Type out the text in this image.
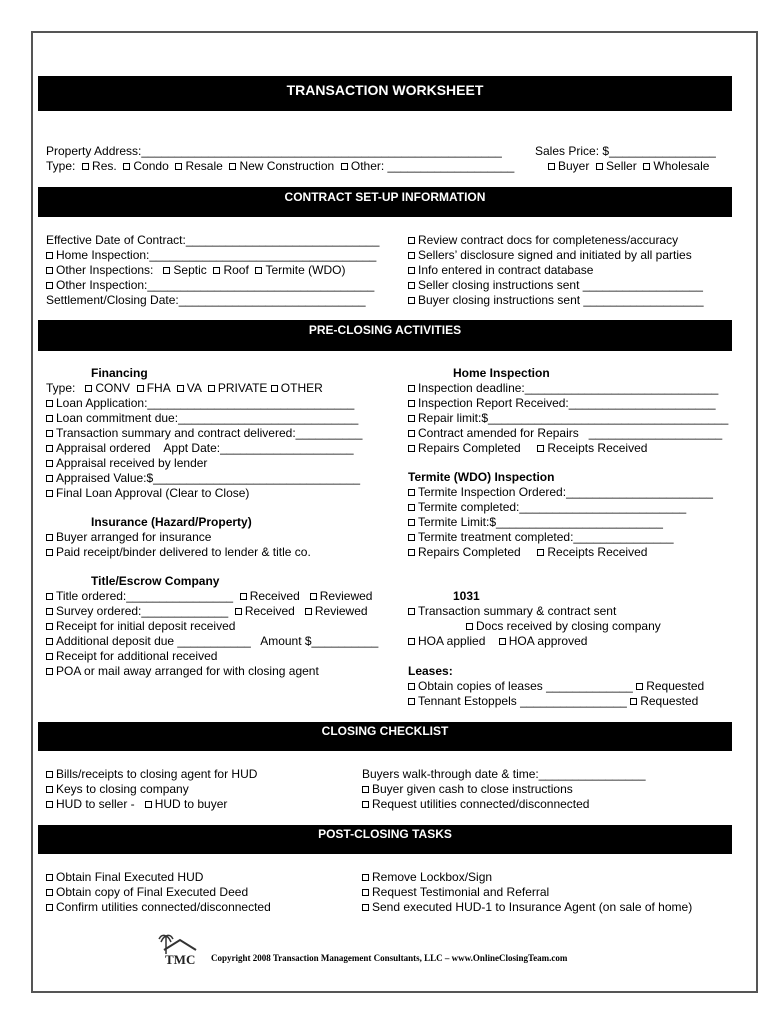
TRANSACTION WORKSHEET
Property Address:______________________________________________________	Sales Price: $________________
Type: Res. Condo Resale New Construction Other: ___________________	Buyer Seller Wholesale
CONTRACT SET-UP INFORMATION
Effective Date of Contract:_____________________________
Home Inspection:__________________________________
Other Inspections: Septic Roof Termite (WDO)
Other Inspection:__________________________________
Settlement/Closing Date:____________________________
Review contract docs for completeness/accuracy
Sellers’ disclosure signed and initiated by all parties
Info entered in contract database
Seller closing instructions sent __________________
Buyer closing instructions sent __________________
PRE-CLOSING ACTIVITIES
Financing
Type: CONV FHA VA PRIVATE OTHER
Loan Application:_______________________________
Loan commitment due:___________________________
Transaction summary and contract delivered:__________
Appraisal ordered    Appt Date:____________________
Appraisal received by lender
Appraised Value:$_______________________________
Final Loan Approval (Clear to Close)
Insurance (Hazard/Property)
Buyer arranged for insurance
Paid receipt/binder delivered to lender & title co.
Title/Escrow Company
Title ordered:________________ Received Reviewed
Survey ordered:_____________ Received Reviewed
Receipt for initial deposit received
Additional deposit due ___________ Amount $__________
Receipt for additional received
POA or mail away arranged for with closing agent
Home Inspection
Inspection deadline:_____________________________
Inspection Report Received:______________________
Repair limit:$____________________________________
Contract amended for Repairs   ____________________
Repairs Completed Receipts Received
Termite (WDO) Inspection
Termite Inspection Ordered:______________________
Termite completed:_________________________
Termite Limit:$_________________________
Termite treatment completed:_______________
Repairs Completed Receipts Received
1031
Transaction summary & contract sent
Docs received by closing company
HOA applied HOA approved
Leases:
Obtain copies of leases _____________ Requested
Tennant Estoppels ________________ Requested
CLOSING CHECKLIST
Bills/receipts to closing agent for HUD
Keys to closing company
HUD to seller - HUD to buyer
Buyers walk-through date & time:________________
Buyer given cash to close instructions
Request utilities connected/disconnected
POST-CLOSING TASKS
Obtain Final Executed HUD
Obtain copy of Final Executed Deed
Confirm utilities connected/disconnected
Remove Lockbox/Sign
Request Testimonial and Referral
Send executed HUD-1 to Insurance Agent (on sale of home)
TMC Copyright 2008 Transaction Management Consultants, LLC – www.OnlineClosingTeam.com
